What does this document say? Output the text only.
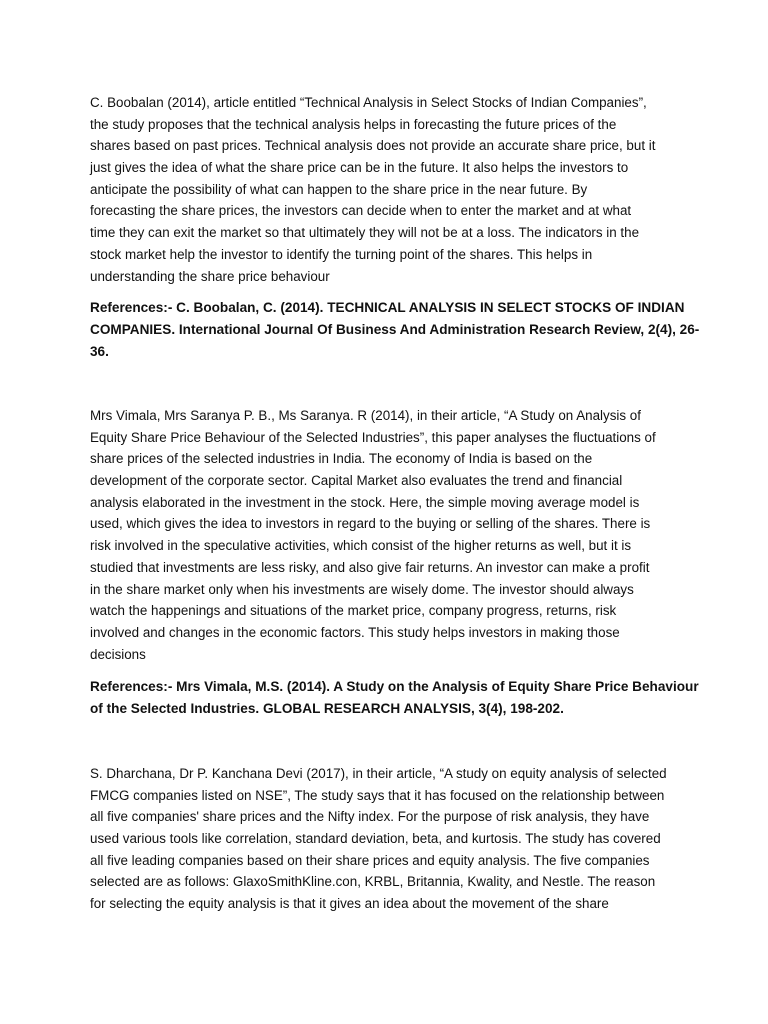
C. Boobalan (2014), article entitled “Technical Analysis in Select Stocks of Indian Companies”,
the study proposes that the technical analysis helps in forecasting the future prices of the
shares based on past prices. Technical analysis does not provide an accurate share price, but it
just gives the idea of what the share price can be in the future. It also helps the investors to
anticipate the possibility of what can happen to the share price in the near future. By
forecasting the share prices, the investors can decide when to enter the market and at what
time they can exit the market so that ultimately they will not be at a loss. The indicators in the
stock market help the investor to identify the turning point of the shares. This helps in
understanding the share price behaviour
References:- C. Boobalan, C. (2014). TECHNICAL ANALYSIS IN SELECT STOCKS OF INDIAN
COMPANIES. International Journal Of Business And Administration Research Review, 2(4), 26-
36.
Mrs Vimala, Mrs Saranya P. B., Ms Saranya. R (2014), in their article, “A Study on Analysis of
Equity Share Price Behaviour of the Selected Industries”, this paper analyses the fluctuations of
share prices of the selected industries in India. The economy of India is based on the
development of the corporate sector. Capital Market also evaluates the trend and financial
analysis elaborated in the investment in the stock. Here, the simple moving average model is
used, which gives the idea to investors in regard to the buying or selling of the shares. There is
risk involved in the speculative activities, which consist of the higher returns as well, but it is
studied that investments are less risky, and also give fair returns. An investor can make a profit
in the share market only when his investments are wisely dome. The investor should always
watch the happenings and situations of the market price, company progress, returns, risk
involved and changes in the economic factors. This study helps investors in making those
decisions
References:- Mrs Vimala, M.S. (2014). A Study on the Analysis of Equity Share Price Behaviour
of the Selected Industries. GLOBAL RESEARCH ANALYSIS, 3(4), 198-202.
S. Dharchana, Dr P. Kanchana Devi (2017), in their article, “A study on equity analysis of selected
FMCG companies listed on NSE”, The study says that it has focused on the relationship between
all five companies' share prices and the Nifty index. For the purpose of risk analysis, they have
used various tools like correlation, standard deviation, beta, and kurtosis. The study has covered
all five leading companies based on their share prices and equity analysis. The five companies
selected are as follows: GlaxoSmithKline.con, KRBL, Britannia, Kwality, and Nestle. The reason
for selecting the equity analysis is that it gives an idea about the movement of the share
